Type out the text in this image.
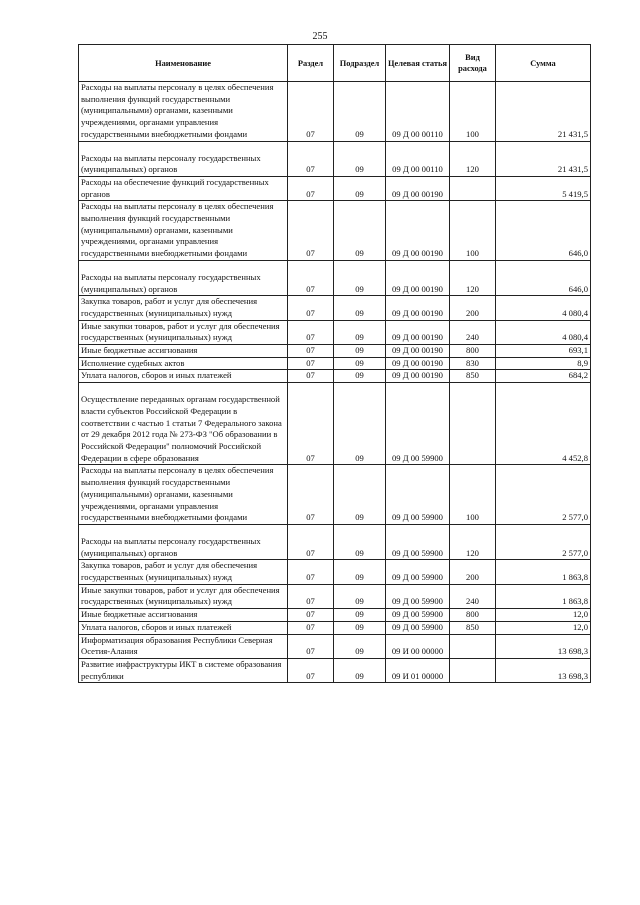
255
Наименование	Раздел	Подраздел	Целевая статья	Вид расхода	Сумма
Расходы на выплаты персоналу в целях обеспечения выполнения функций государственными (муниципальными) органами, казенными учреждениями, органами управления государственными внебюджетными фондами	07	09	09 Д 00 00110	100	21 431,5
Расходы на выплаты персоналу государственных (муниципальных) органов	07	09	09 Д 00 00110	120	21 431,5
Расходы на обеспечение функций государственных органов	07	09	09 Д 00 00190		5 419,5
Расходы на выплаты персоналу в целях обеспечения выполнения функций государственными (муниципальными) органами, казенными учреждениями, органами управления государственными внебюджетными фондами	07	09	09 Д 00 00190	100	646,0
Расходы на выплаты персоналу государственных (муниципальных) органов	07	09	09 Д 00 00190	120	646,0
Закупка товаров, работ и услуг для обеспечения государственных (муниципальных) нужд	07	09	09 Д 00 00190	200	4 080,4
Иные закупки товаров, работ и услуг для обеспечения государственных (муниципальных) нужд	07	09	09 Д 00 00190	240	4 080,4
Иные бюджетные ассигнования	07	09	09 Д 00 00190	800	693,1
Исполнение судебных актов	07	09	09 Д 00 00190	830	8,9
Уплата налогов, сборов и иных платежей	07	09	09 Д 00 00190	850	684,2
Осуществление переданных органам государственной власти субъектов Российской Федерации в соответствии с частью 1 статьи 7 Федерального закона от 29 декабря 2012 года № 273-ФЗ "Об образовании в Российской Федерации" полномочий Российской Федерации в сфере образования	07	09	09 Д 00 59900		4 452,8
Расходы на выплаты персоналу в целях обеспечения выполнения функций государственными (муниципальными) органами, казенными учреждениями, органами управления государственными внебюджетными фондами	07	09	09 Д 00 59900	100	2 577,0
Расходы на выплаты персоналу государственных (муниципальных) органов	07	09	09 Д 00 59900	120	2 577,0
Закупка товаров, работ и услуг для обеспечения государственных (муниципальных) нужд	07	09	09 Д 00 59900	200	1 863,8
Иные закупки товаров, работ и услуг для обеспечения государственных (муниципальных) нужд	07	09	09 Д 00 59900	240	1 863,8
Иные бюджетные ассигнования	07	09	09 Д 00 59900	800	12,0
Уплата налогов, сборов и иных платежей	07	09	09 Д 00 59900	850	12,0
Информатизация образования Республики Северная Осетия-Алания	07	09	09 И 00 00000		13 698,3
Развитие инфраструктуры ИКТ в системе образования республики	07	09	09 И 01 00000		13 698,3
